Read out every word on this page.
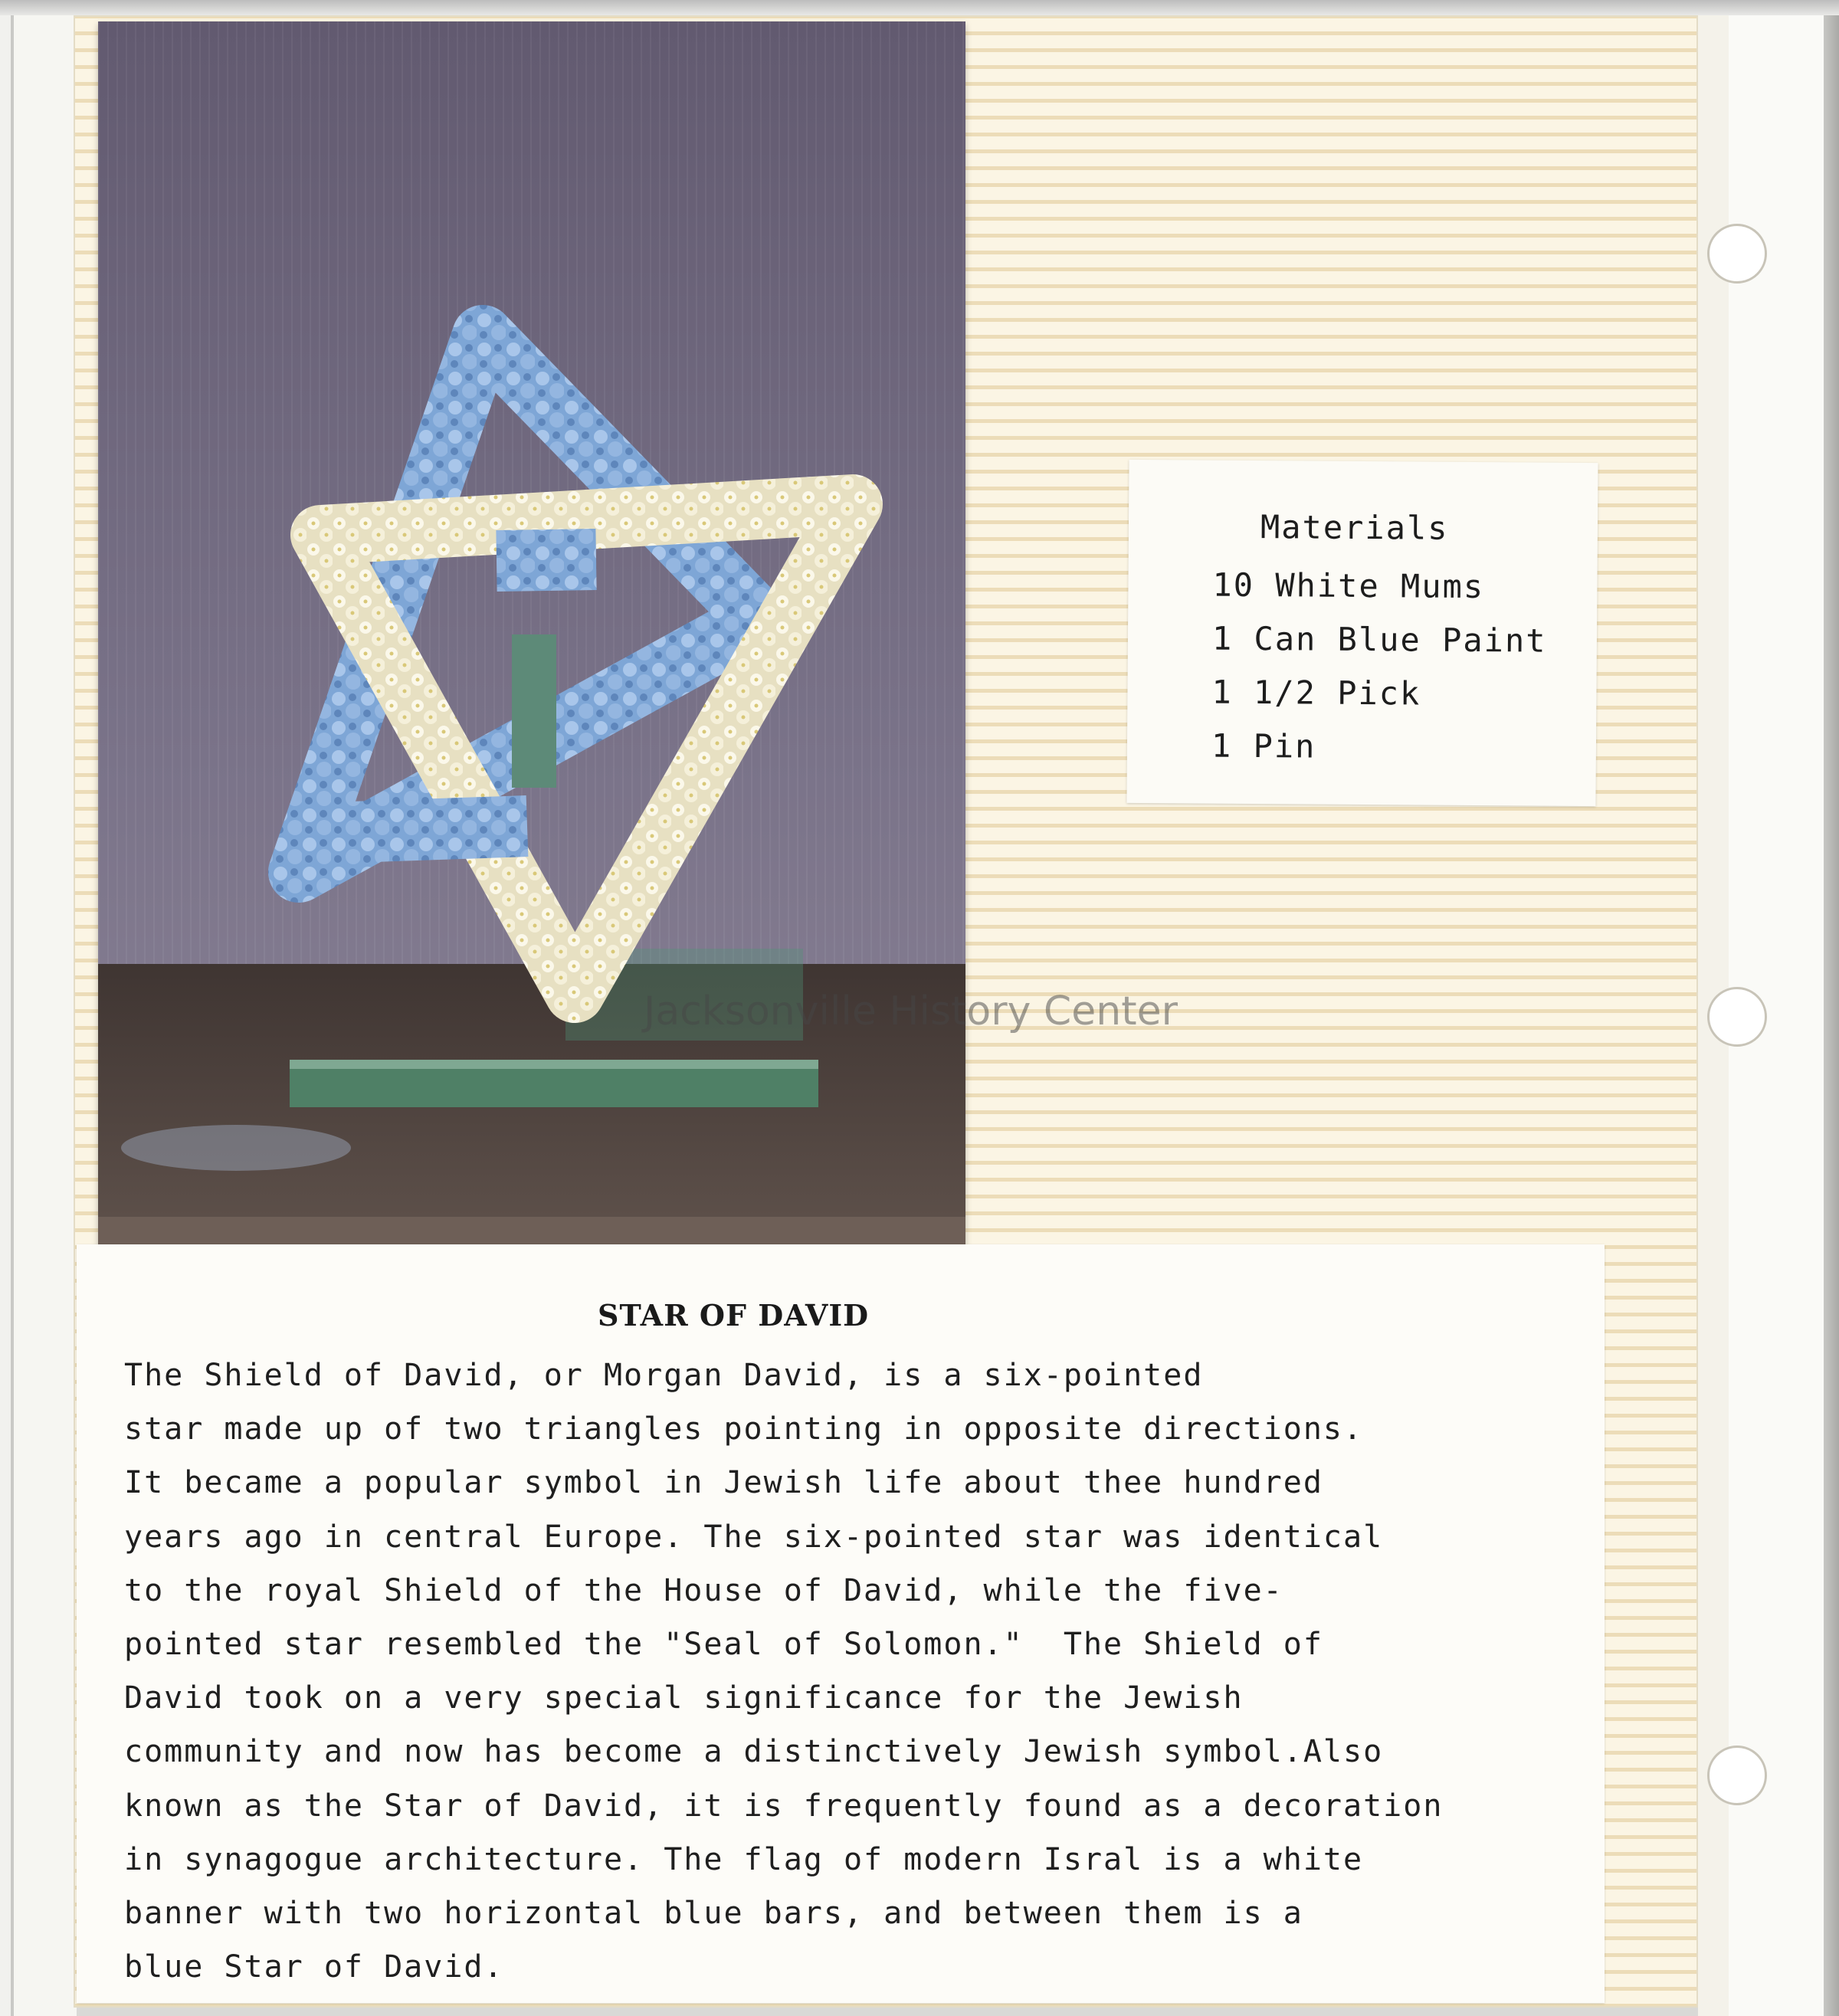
Materials
10 White Mums
1 Can Blue Paint
1 1/2 Pick
1 Pin
STAR OF DAVID
The Shield of David, or Morgan David, is a six-pointed
star made up of two triangles pointing in opposite directions.
It became a popular symbol in Jewish life about thee hundred
years ago in central Europe. The six-pointed star was identical
to the royal Shield of the House of David, while the five-
pointed star resembled the "Seal of Solomon."  The Shield of
David took on a very special significance for the Jewish
community and now has become a distinctively Jewish symbol.Also
known as the Star of David, it is frequently found as a decoration
in synagogue architecture. The flag of modern Isral is a white
banner with two horizontal blue bars, and between them is a
blue Star of David.
Jacksonville History Center
